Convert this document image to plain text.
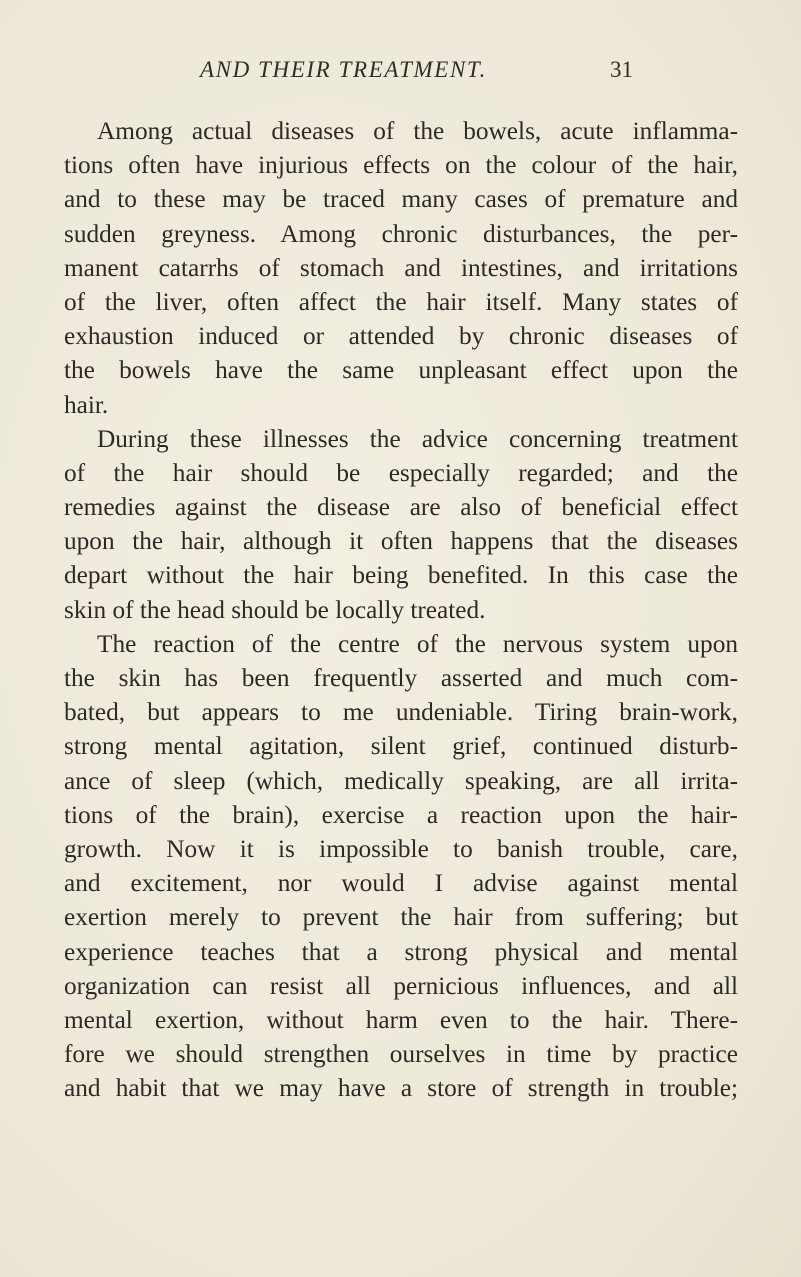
AND THEIR TREATMENT.	31
Among actual diseases of the bowels, acute inflamma-
tions often have injurious effects on the colour of the hair,
and to these may be traced many cases of premature and
sudden greyness. Among chronic disturbances, the per-
manent catarrhs of stomach and intestines, and irritations
of the liver, often affect the hair itself. Many states of
exhaustion induced or attended by chronic diseases of
the bowels have the same unpleasant effect upon the
hair.
During these illnesses the advice concerning treatment
of the hair should be especially regarded; and the
remedies against the disease are also of beneficial effect
upon the hair, although it often happens that the diseases
depart without the hair being benefited. In this case the
skin of the head should be locally treated.
The reaction of the centre of the nervous system upon
the skin has been frequently asserted and much com-
bated, but appears to me undeniable. Tiring brain-work,
strong mental agitation, silent grief, continued disturb-
ance of sleep (which, medically speaking, are all irrita-
tions of the brain), exercise a reaction upon the hair-
growth. Now it is impossible to banish trouble, care,
and excitement, nor would I advise against mental
exertion merely to prevent the hair from suffering; but
experience teaches that a strong physical and mental
organization can resist all pernicious influences, and all
mental exertion, without harm even to the hair. There-
fore we should strengthen ourselves in time by practice
and habit that we may have a store of strength in trouble;
